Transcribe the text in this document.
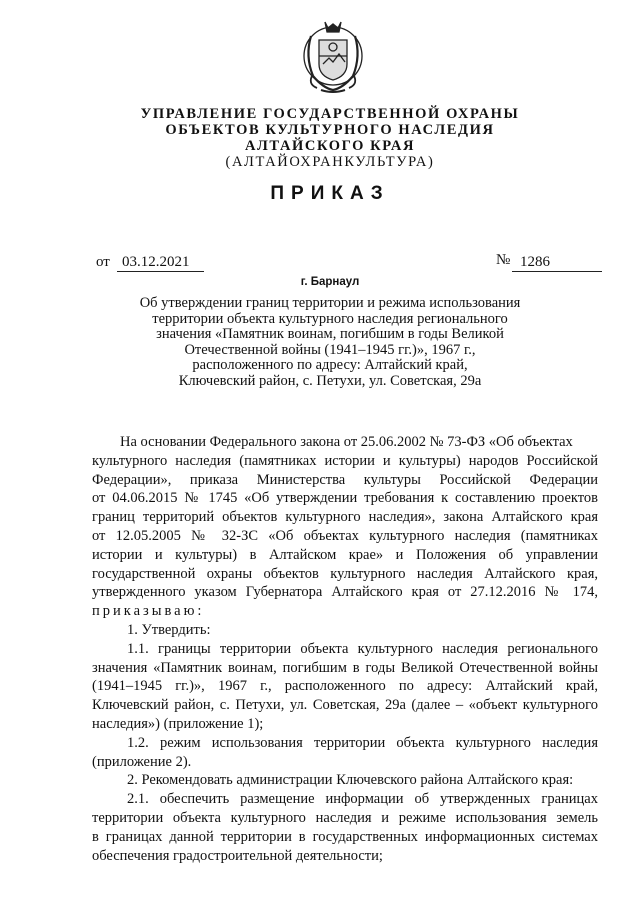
УПРАВЛЕНИЕ ГОСУДАРСТВЕННОЙ ОХРАНЫ
ОБЪЕКТОВ КУЛЬТУРНОГО НАСЛЕДИЯ
АЛТАЙСКОГО КРАЯ
(АЛТАЙОХРАНКУЛЬТУРА)
ПРИКАЗ
от 03.12.2021	№ 1286
г. Барнаул
Об утверждении границ территории и режима использования
территории объекта культурного наследия регионального
значения «Памятник воинам, погибшим в годы Великой
Отечественной войны (1941–1945 гг.)», 1967 г.,
расположенного по адресу: Алтайский край,
Ключевский район, с. Петухи, ул. Советская, 29а
На основании Федерального закона от 25.06.2002 № 73-ФЗ «Об объектах
культурного наследия (памятниках истории и культуры) народов Российской
Федерации», приказа Министерства культуры Российской Федерации
от 04.06.2015 № 1745 «Об утверждении требования к составлению проектов
границ территорий объектов культурного наследия», закона Алтайского края
от 12.05.2005 № 32-ЗС «Об объектах культурного наследия (памятниках
истории и культуры) в Алтайском крае» и Положения об управлении
государственной охраны объектов культурного наследия Алтайского края,
утвержденного указом Губернатора Алтайского края от 27.12.2016 № 174,
приказываю:
1. Утвердить:
1.1. границы территории объекта культурного наследия регионального
значения «Памятник воинам, погибшим в годы Великой Отечественной войны
(1941–1945 гг.)», 1967 г., расположенного по адресу: Алтайский край,
Ключевский район, с. Петухи, ул. Советская, 29а (далее – «объект культурного
наследия») (приложение 1);
1.2. режим использования территории объекта культурного наследия
(приложение 2).
2. Рекомендовать администрации Ключевского района Алтайского края:
2.1. обеспечить размещение информации об утвержденных границах
территории объекта культурного наследия и режиме использования земель
в границах данной территории в государственных информационных системах
обеспечения градостроительной деятельности;
